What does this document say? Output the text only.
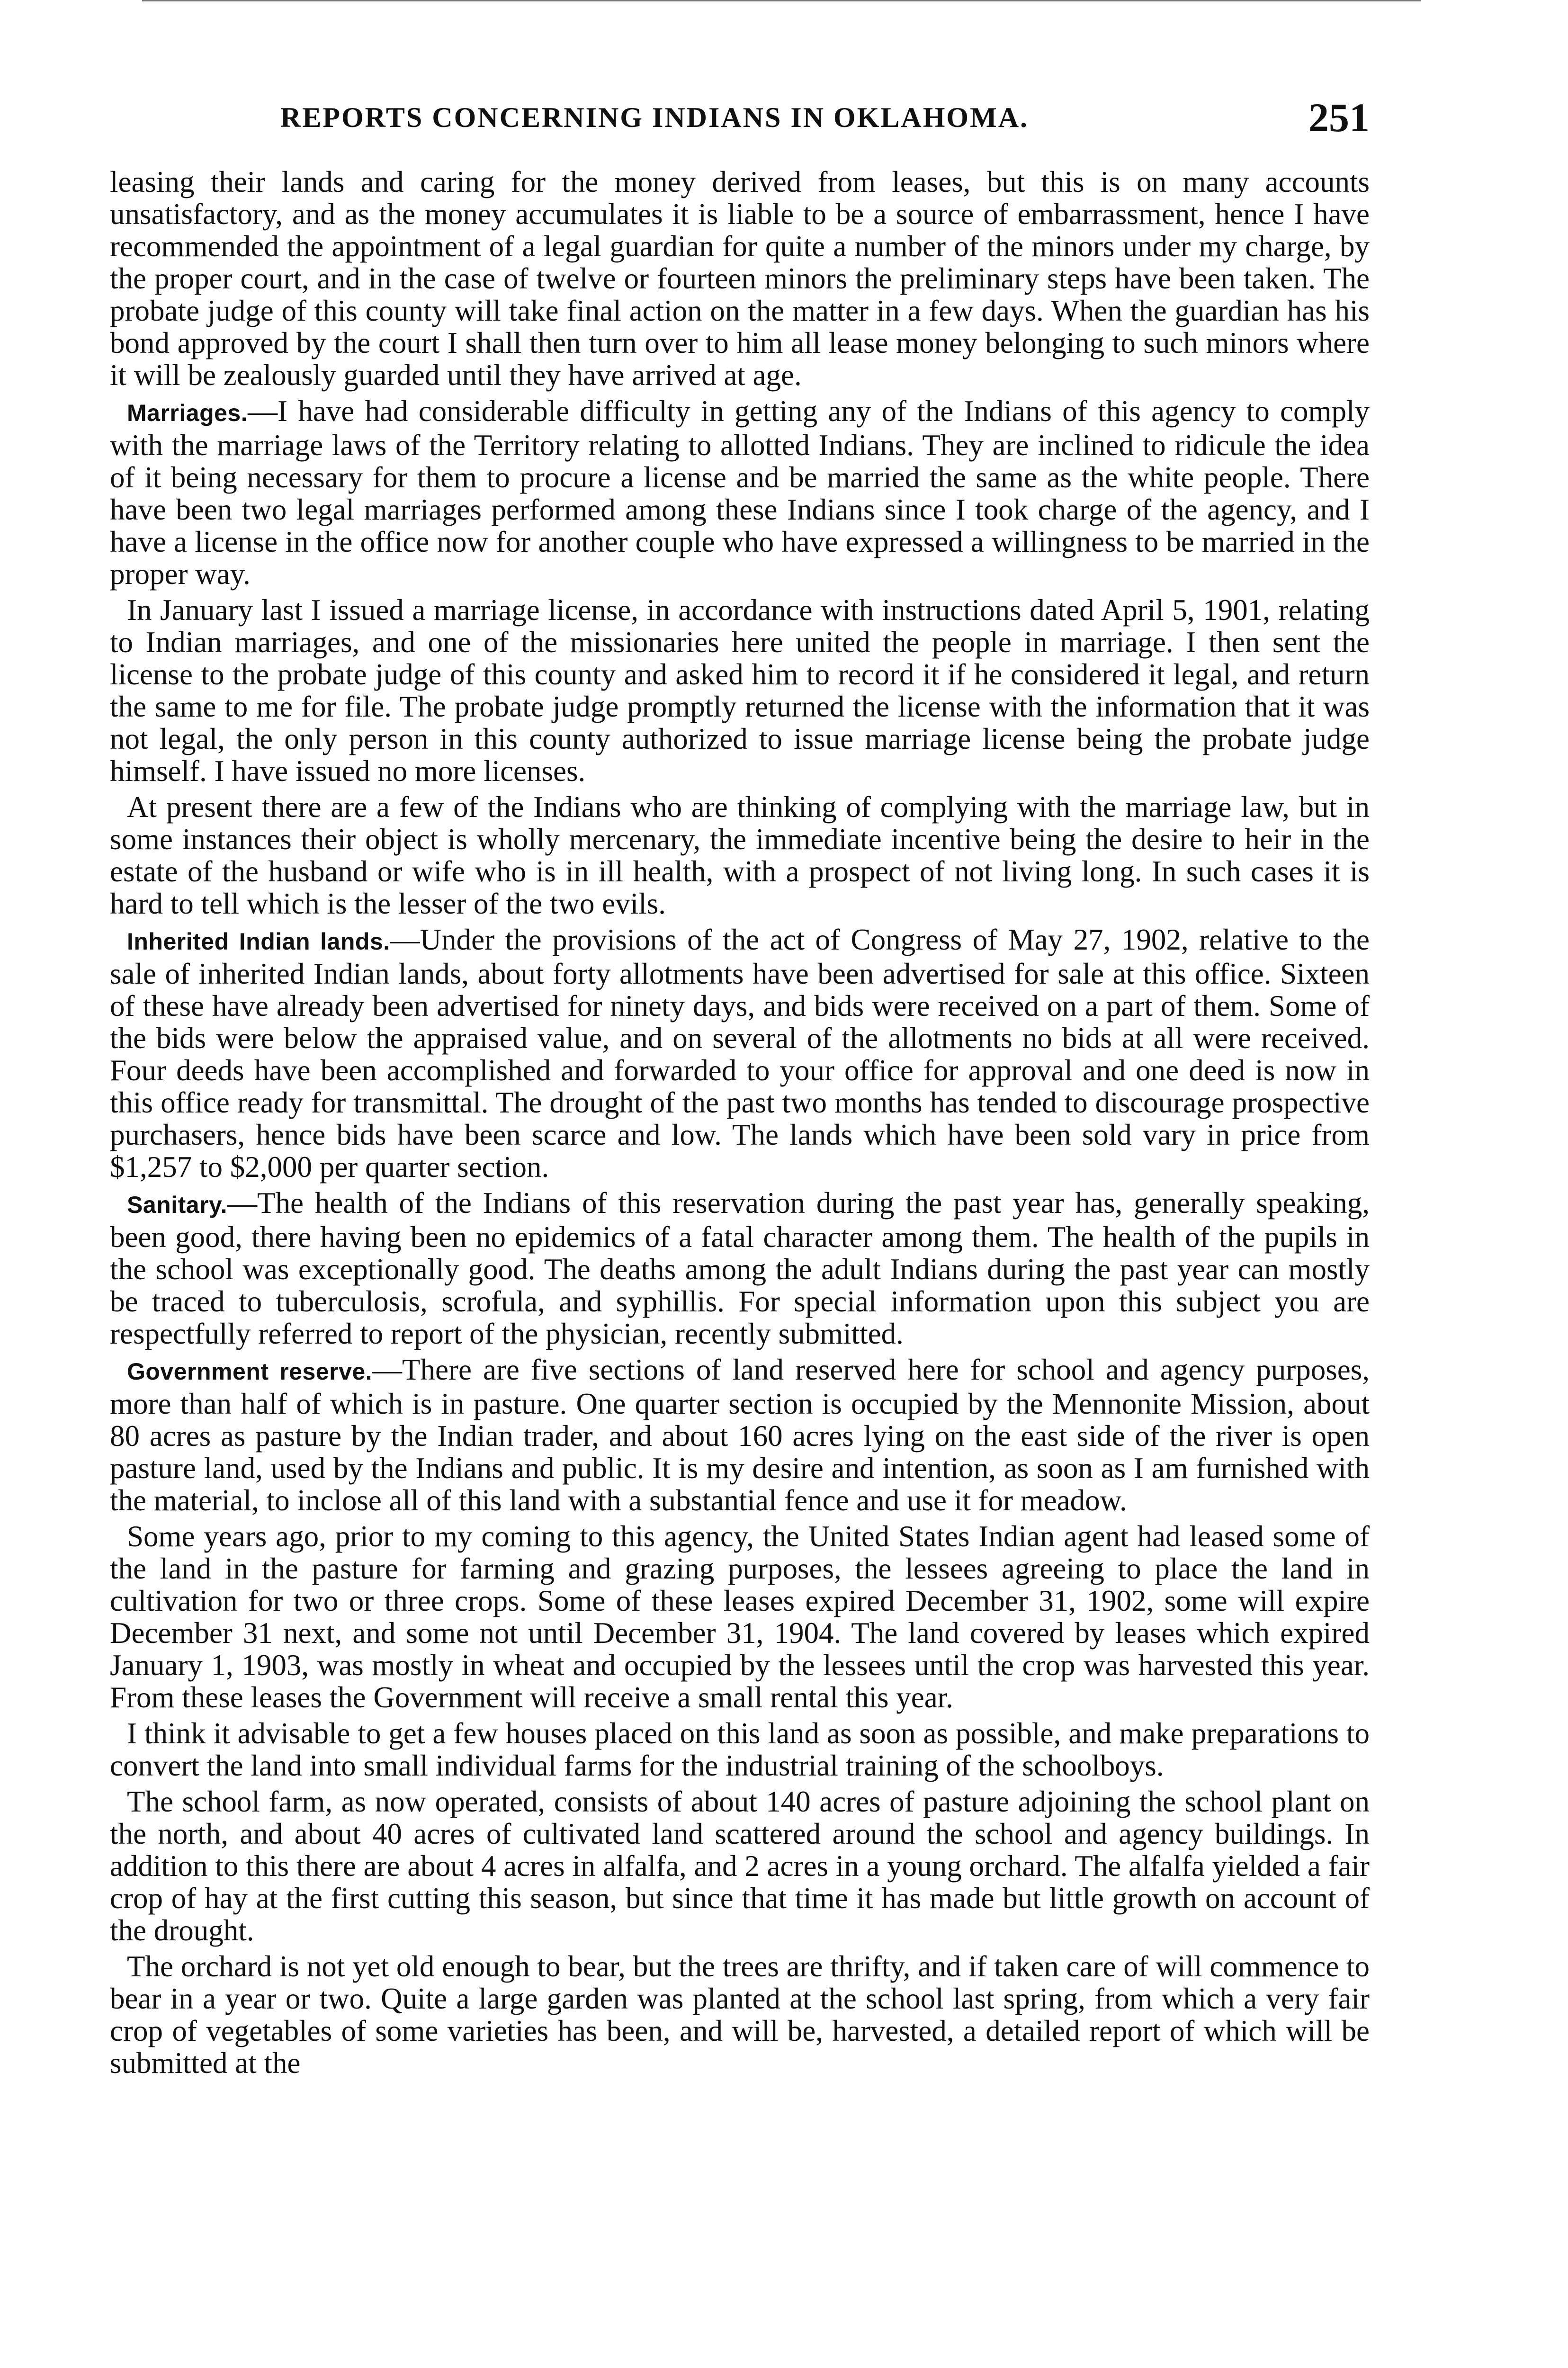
REPORTS CONCERNING INDIANS IN OKLAHOMA.	251

leasing their lands and caring for the money derived from leases, but this is on many accounts unsatisfactory, and as the money accumulates it is liable to be a source of embarrassment, hence I have recommended the appointment of a legal guardian for quite a number of the minors under my charge, by the proper court, and in the case of twelve or fourteen minors the preliminary steps have been taken. The probate judge of this county will take final action on the matter in a few days. When the guardian has his bond approved by the court I shall then turn over to him all lease money belonging to such minors where it will be zealously guarded until they have arrived at age.

Marriages.—I have had considerable difficulty in getting any of the Indians of this agency to comply with the marriage laws of the Territory relating to allotted Indians. They are inclined to ridicule the idea of it being necessary for them to procure a license and be married the same as the white people. There have been two legal marriages performed among these Indians since I took charge of the agency, and I have a license in the office now for another couple who have expressed a willingness to be married in the proper way.

In January last I issued a marriage license, in accordance with instructions dated April 5, 1901, relating to Indian marriages, and one of the missionaries here united the people in marriage. I then sent the license to the probate judge of this county and asked him to record it if he considered it legal, and return the same to me for file. The probate judge promptly returned the license with the information that it was not legal, the only person in this county authorized to issue marriage license being the probate judge himself. I have issued no more licenses.

At present there are a few of the Indians who are thinking of complying with the marriage law, but in some instances their object is wholly mercenary, the immediate incentive being the desire to heir in the estate of the husband or wife who is in ill health, with a prospect of not living long. In such cases it is hard to tell which is the lesser of the two evils.

Inherited Indian lands.—Under the provisions of the act of Congress of May 27, 1902, relative to the sale of inherited Indian lands, about forty allotments have been advertised for sale at this office. Sixteen of these have already been advertised for ninety days, and bids were received on a part of them. Some of the bids were below the appraised value, and on several of the allotments no bids at all were received. Four deeds have been accomplished and forwarded to your office for approval and one deed is now in this office ready for transmittal. The drought of the past two months has tended to discourage prospective purchasers, hence bids have been scarce and low. The lands which have been sold vary in price from $1,257 to $2,000 per quarter section.

Sanitary.—The health of the Indians of this reservation during the past year has, generally speaking, been good, there having been no epidemics of a fatal character among them. The health of the pupils in the school was exceptionally good. The deaths among the adult Indians during the past year can mostly be traced to tuberculosis, scrofula, and syphillis. For special information upon this subject you are respectfully referred to report of the physician, recently submitted.

Government reserve.—There are five sections of land reserved here for school and agency purposes, more than half of which is in pasture. One quarter section is occupied by the Mennonite Mission, about 80 acres as pasture by the Indian trader, and about 160 acres lying on the east side of the river is open pasture land, used by the Indians and public. It is my desire and intention, as soon as I am furnished with the material, to inclose all of this land with a substantial fence and use it for meadow.

Some years ago, prior to my coming to this agency, the United States Indian agent had leased some of the land in the pasture for farming and grazing purposes, the lessees agreeing to place the land in cultivation for two or three crops. Some of these leases expired December 31, 1902, some will expire December 31 next, and some not until December 31, 1904. The land covered by leases which expired January 1, 1903, was mostly in wheat and occupied by the lessees until the crop was harvested this year. From these leases the Government will receive a small rental this year.

I think it advisable to get a few houses placed on this land as soon as possible, and make preparations to convert the land into small individual farms for the industrial training of the schoolboys.

The school farm, as now operated, consists of about 140 acres of pasture adjoining the school plant on the north, and about 40 acres of cultivated land scattered around the school and agency buildings. In addition to this there are about 4 acres in alfalfa, and 2 acres in a young orchard. The alfalfa yielded a fair crop of hay at the first cutting this season, but since that time it has made but little growth on account of the drought.

The orchard is not yet old enough to bear, but the trees are thrifty, and if taken care of will commence to bear in a year or two. Quite a large garden was planted at the school last spring, from which a very fair crop of vegetables of some varieties has been, and will be, harvested, a detailed report of which will be submitted at the
